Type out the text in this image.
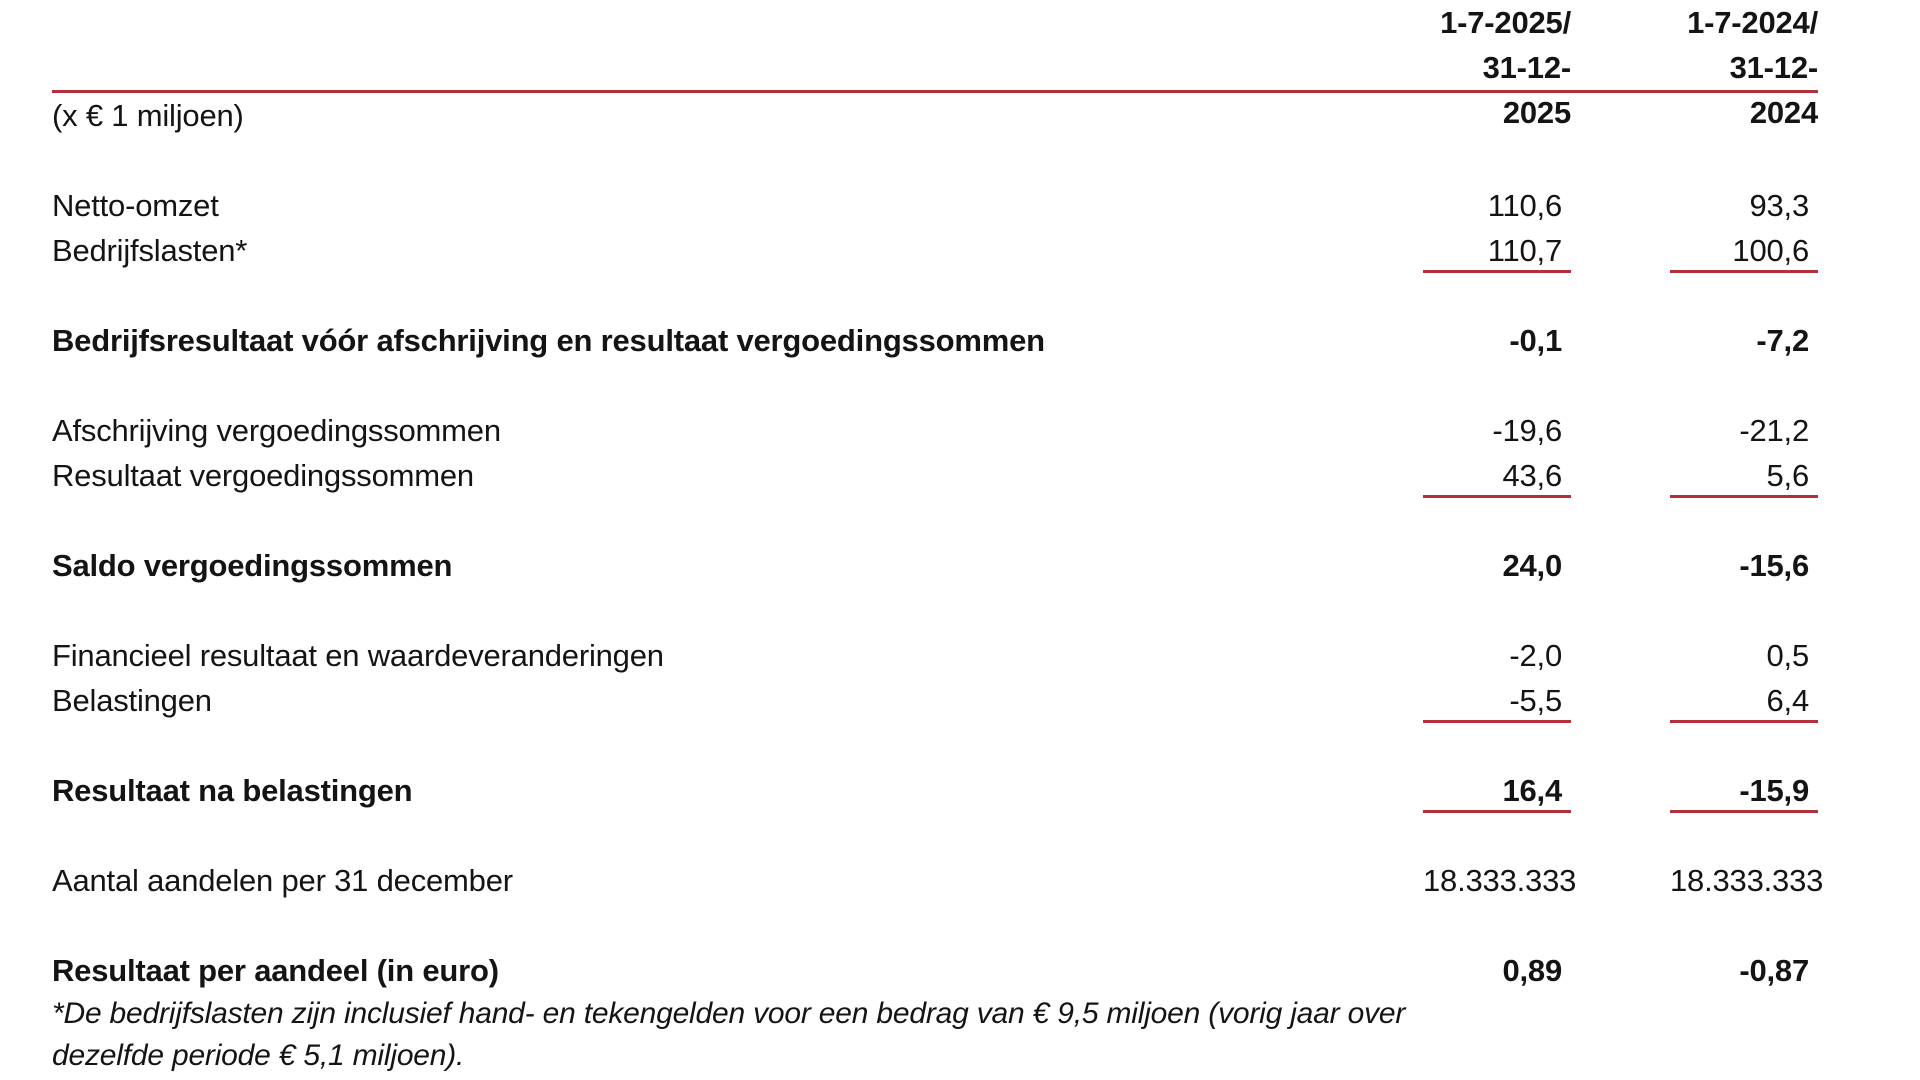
1-7-2025/
31-12-2025
1-7-2024/
31-12-2024
(x € 1 miljoen)
Netto-omzet	110,6	93,3
Bedrijfslasten*	110,7	100,6
Bedrijfsresultaat vóór afschrijving en resultaat vergoedingssommen	-0,1	-7,2
Afschrijving vergoedingssommen	-19,6	-21,2
Resultaat vergoedingssommen	43,6	5,6
Saldo vergoedingssommen	24,0	-15,6
Financieel resultaat en waardeveranderingen	-2,0	0,5
Belastingen	-5,5	6,4
Resultaat na belastingen	16,4	-15,9
Aantal aandelen per 31 december	18.333.333	18.333.333
Resultaat per aandeel (in euro)	0,89	-0,87
*De bedrijfslasten zijn inclusief hand- en tekengelden voor een bedrag van € 9,5 miljoen (vorig jaar over
dezelfde periode € 5,1 miljoen).
